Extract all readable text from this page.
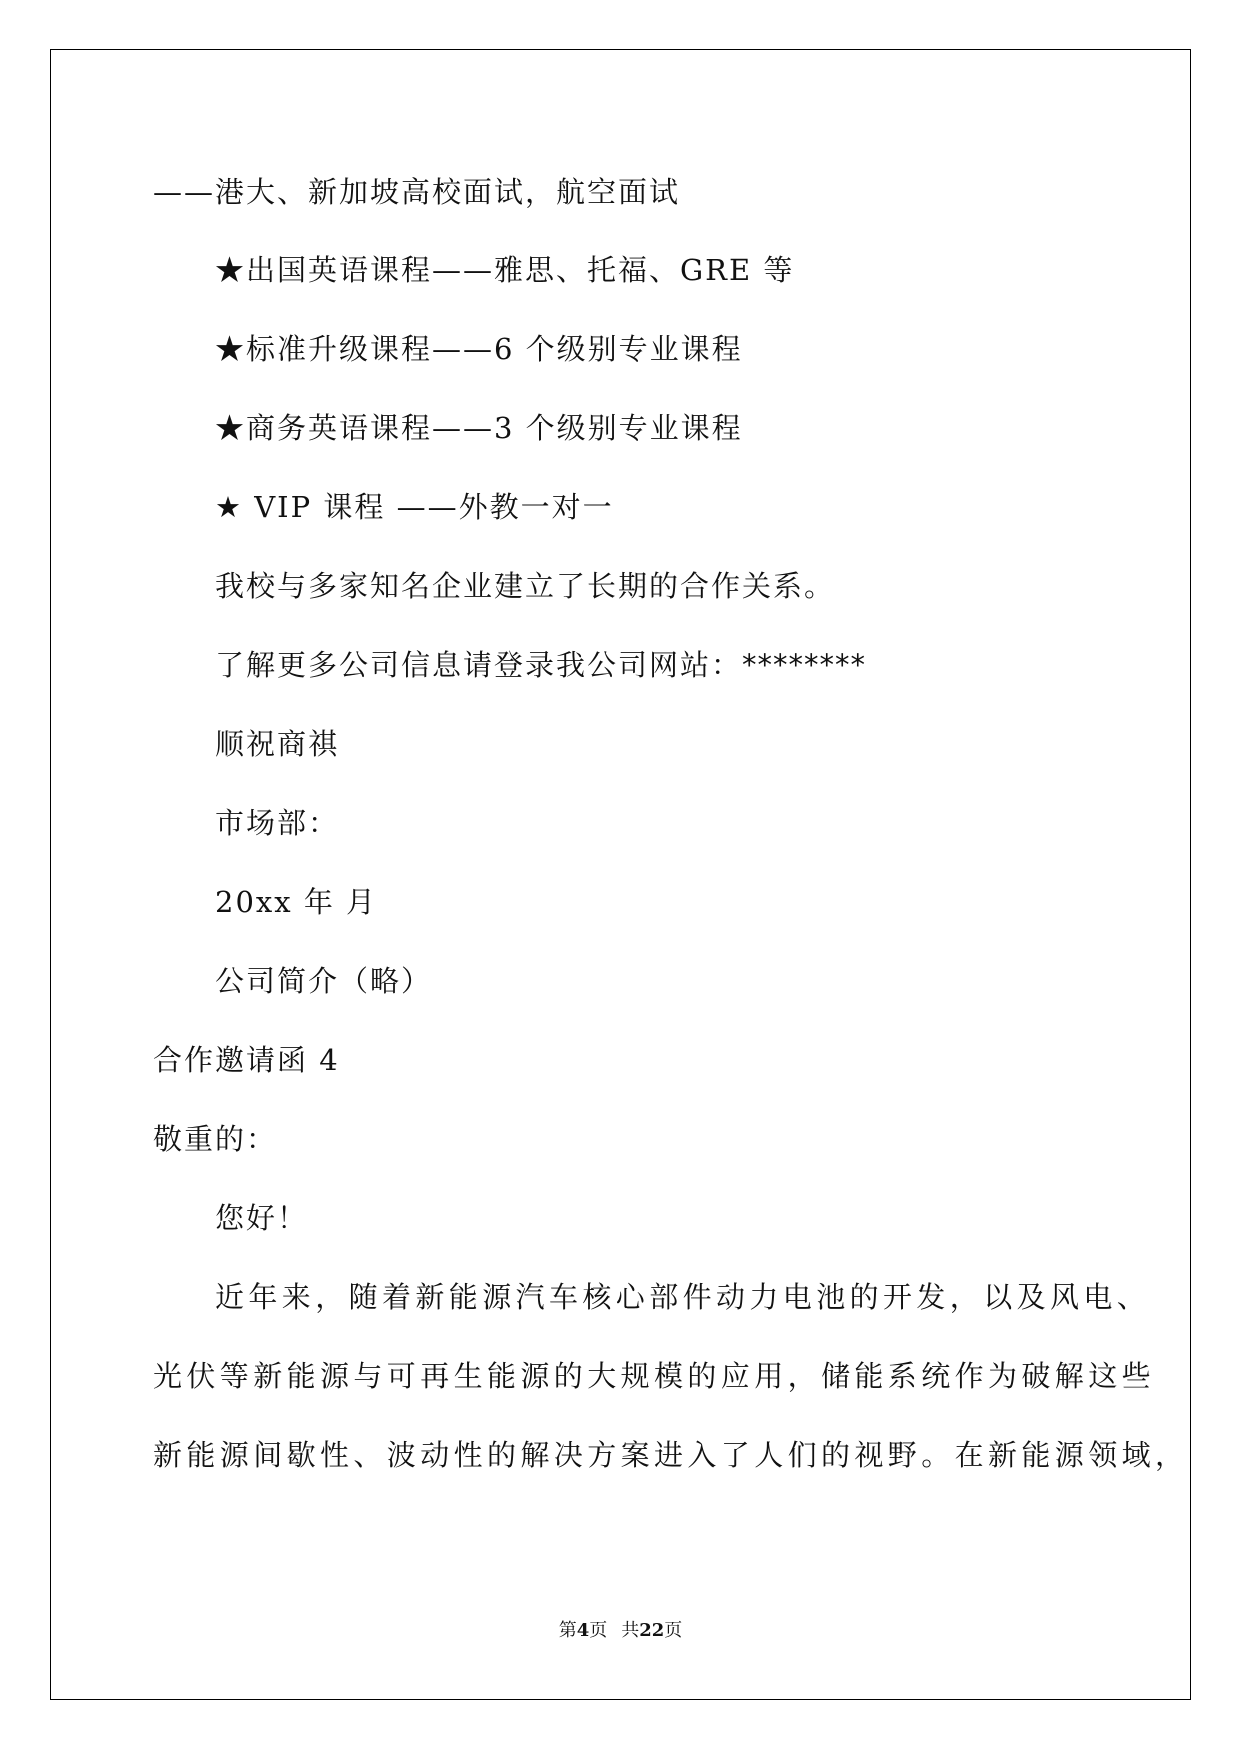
——港大、新加坡高校面试，航空面试
★出国英语课程——雅思、托福、GRE 等
★标准升级课程——6 个级别专业课程
★商务英语课程——3 个级别专业课程
★ VIP 课程 ——外教一对一
我校与多家知名企业建立了长期的合作关系。
了解更多公司信息请登录我公司网站：********
顺祝商祺
市场部：
20xx 年 月
公司简介（略）
合作邀请函 4
敬重的：
您好！
近年来，随着新能源汽车核心部件动力电池的开发，以及风电、
光伏等新能源与可再生能源的大规模的应用，储能系统作为破解这些
新能源间歇性、波动性的解决方案进入了人们的视野。在新能源领域，
第4页 共22页
